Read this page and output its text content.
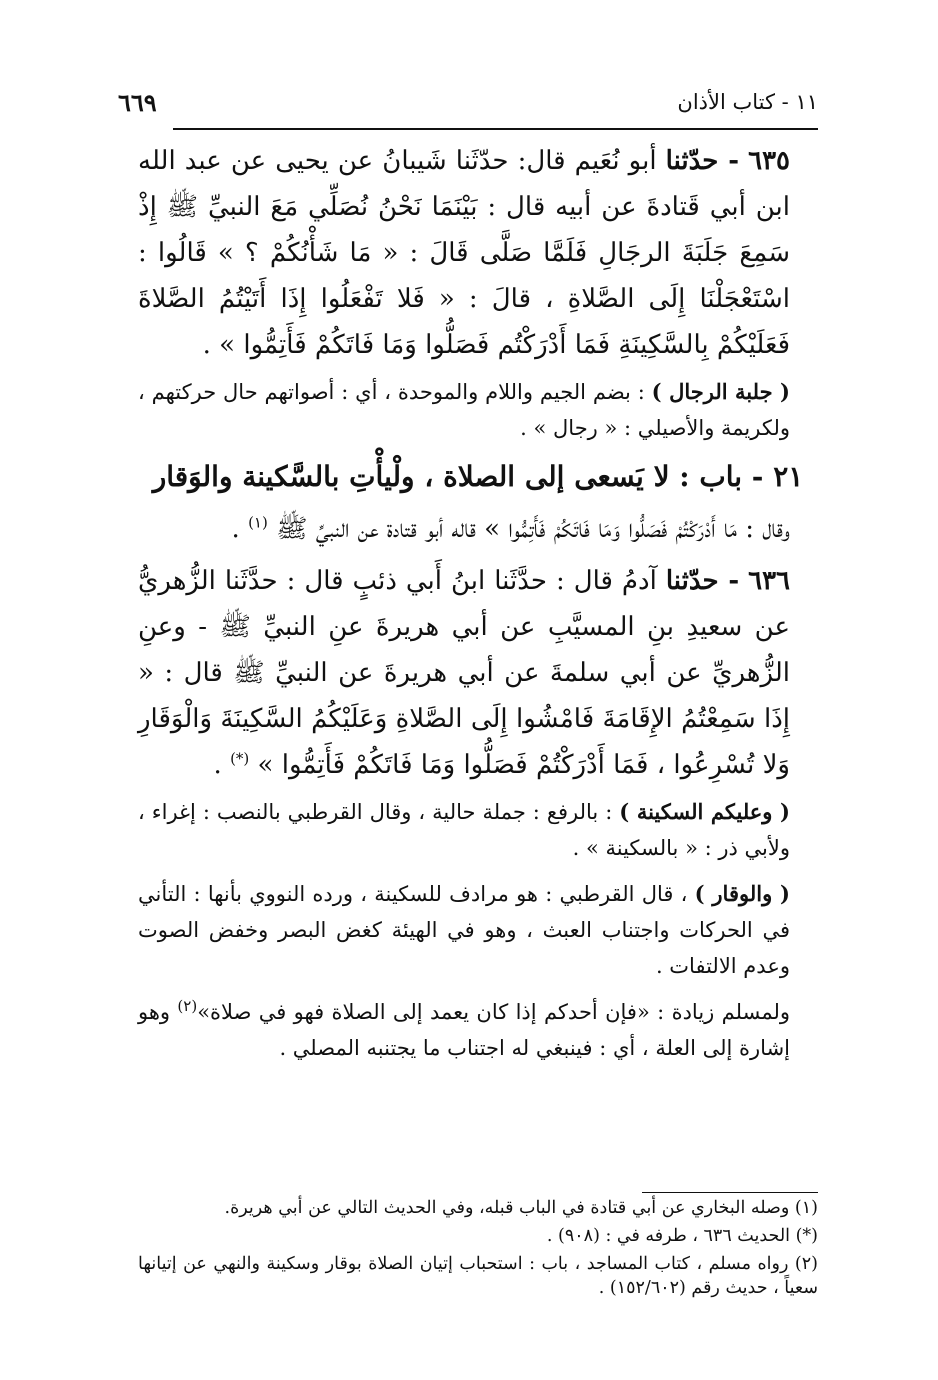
١١ - كتاب الأذان
٦٦٩

٦٣٥ - حدّثنا أبو نُعَيم قال: حدّثَنا شَيبانُ عن يحيى عن عبد الله ابن أبي قَتادةَ عن أبيه قال : بَيْنَمَا نَحْنُ نُصَلِّي مَعَ النبيِّ ﷺ إِذْ سَمِعَ جَلَبَةَ الرجَالِ فَلَمَّا صَلَّى قَالَ : « مَا شَأْنُكُمْ ؟ » قَالُوا : اسْتَعْجَلْنَا إِلَى الصَّلاةِ ، قالَ : « فَلا تَفْعَلُوا إِذَا أَتَيْتُمُ الصَّلاةَ فَعَلَيْكُمْ بِالسَّكِينَةِ فَمَا أَدْرَكْتُم فَصَلُّوا وَمَا فَاتَكُمْ فَأَتِمُّوا » .

( جلبة الرجال ) : بضم الجيم واللام والموحدة ، أي : أصواتهم حال حركتهم ، ولكريمة والأصيلي : « رجال » .

٢١ - باب : لا يَسعى إلى الصلاة ، ولْيأْتِ بالسَّكينة والوَقار

وقال : مَا أَدْرَكْتُمْ فَصَلُّوا وَمَا فَاتَكُمْ فَأَتِمُّوا » قاله أبو قتادة عن النبيِّ ﷺ $^{(١)}$ .

٦٣٦ - حدّثنا آدمُ قال : حدَّثَنا ابنُ أَبي ذئبٍ قال : حدَّثَنا الزُّهريُّ عن سعيدِ بنِ المسيَّبِ عن أبي هريرةَ عنِ النبيِّ ﷺ - وعنِ الزُّهريِّ عن أبي سلمةَ عن أبي هريرةَ عن النبيِّ ﷺ قال : « إِذَا سَمِعْتُمُ الإِقَامَةَ فَامْشُوا إِلَى الصَّلاةِ وَعَلَيْكُمُ السَّكِينَةَ وَالْوَقَارِ وَلا تُسْرِعُوا ، فَمَا أَدْرَكْتُمْ فَصَلُّوا وَمَا فَاتَكُمْ فَأَتِمُّوا » (*) .

( وعليكم السكينة ) : بالرفع : جملة حالية ، وقال القرطبي بالنصب : إغراء ، ولأبي ذر : « بالسكينة » .

( والوقار ) ، قال القرطبي : هو مرادف للسكينة ، ورده النووي بأنها : التأني في الحركات واجتناب العبث ، وهو في الهيئة كغض البصر وخفض الصوت وعدم الالتفات .

ولمسلم زيادة : «فإن أحدكم إذا كان يعمد إلى الصلاة فهو في صلاة»$^{(٢)}$ وهو إشارة إلى العلة ، أي : فينبغي له اجتناب ما يجتنبه المصلي .

(١) وصله البخاري عن أبي قتادة في الباب قبله، وفي الحديث التالي عن أبي هريرة.

(*) الحديث ٦٣٦ ، طرفه في : (٩٠٨) .

(٢) رواه مسلم ، كتاب المساجد ، باب : استحباب إتيان الصلاة بوقار وسكينة والنهي عن إتيانها سعياً ، حديث رقم (١٥٢/٦٠٢) .
